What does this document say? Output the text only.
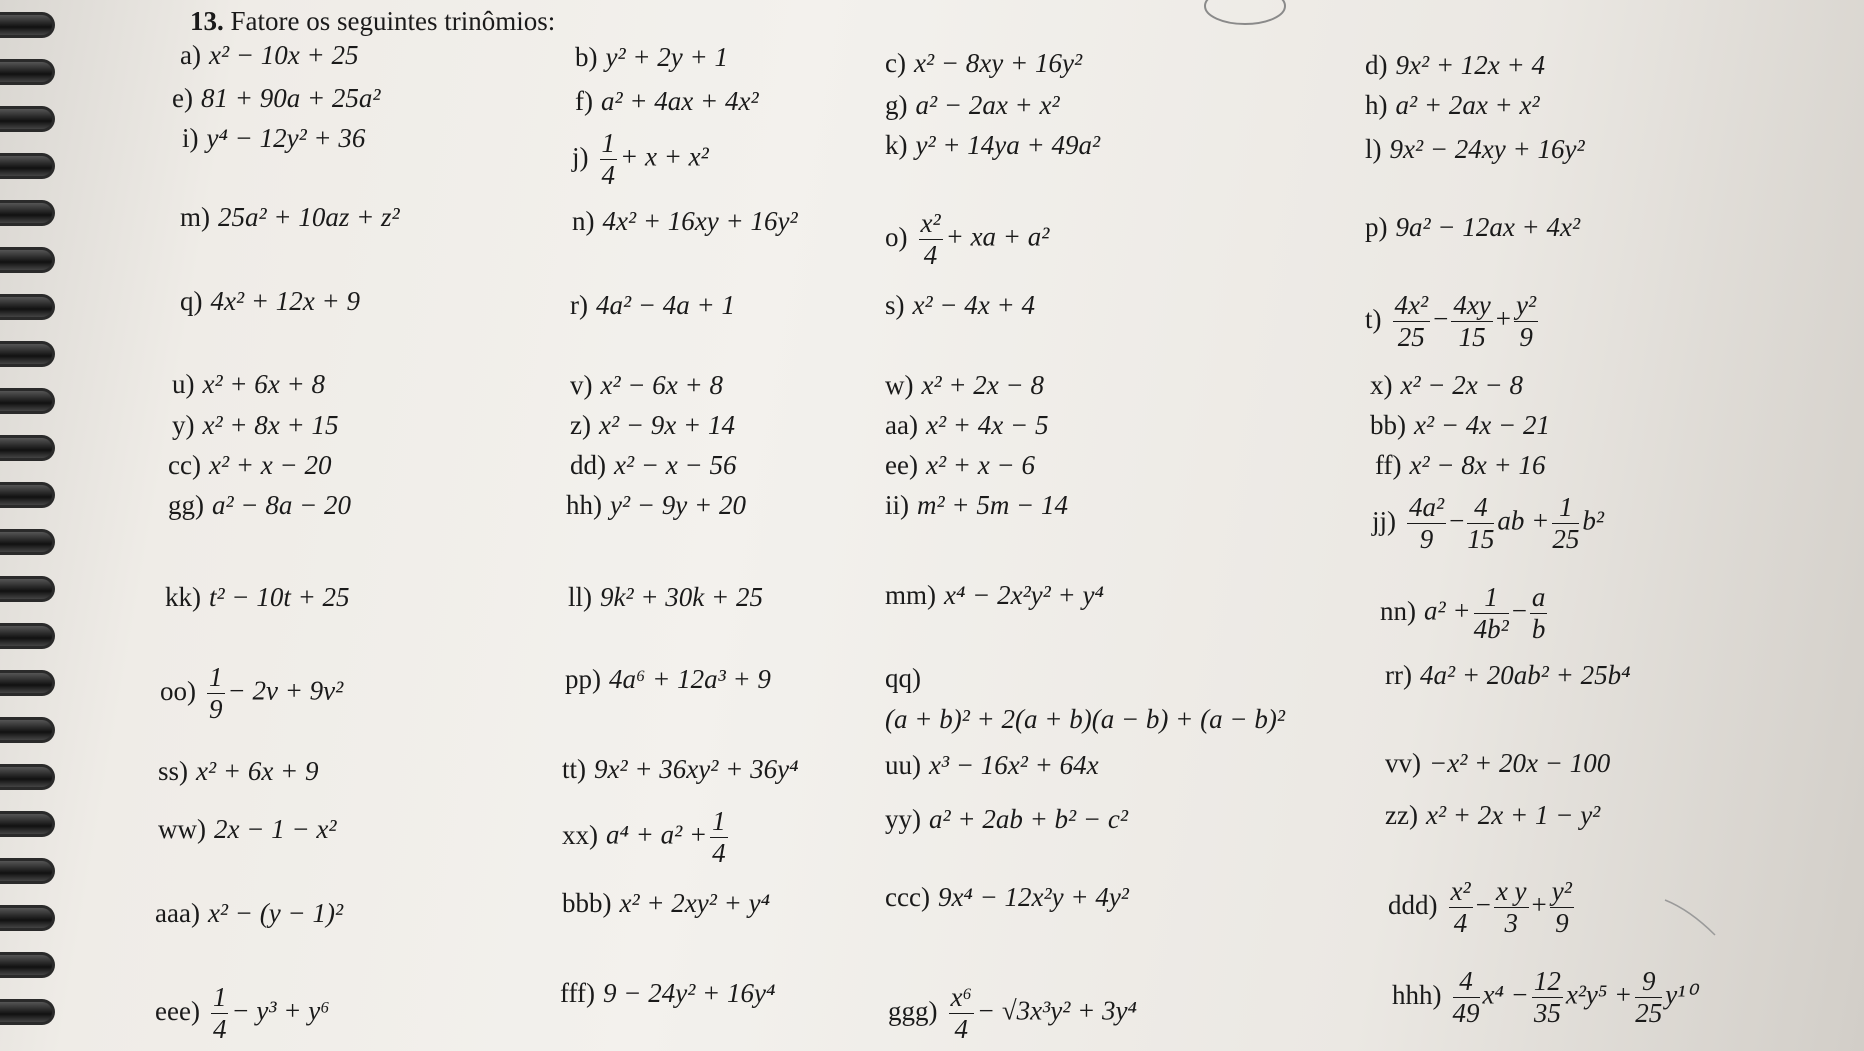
13. Fatore os seguintes trinômios:
a) x² − 10x + 25	b) y² + 2y + 1	c) x² − 8xy + 16y²	d) 9x² + 12x + 4
e) 81 + 90a + 25a²	f) a² + 4ax + 4x²	g) a² − 2ax + x²	h) a² + 2ax + x²
i) y⁴ − 12y² + 36
$j) \frac{1}{4} + x + x^2$	k) y² + 14ya + 49a²	l) 9x² − 24xy + 16y²
m) 25a² + 10az + z²	n) 4x² + 16xy + 16y²
$o) \frac{\text{x²}}{4}$ + xa + a²	p) 9a² − 12ax + 4x²
q) 4x² + 12x + 9	r) 4a² − 4a + 1	s) x² − 4x + 4	$t) \frac{\text{4x²}}{25} - \frac{4xy}{15} + \frac{\text{y²}}{9}$
u) x² + 6x + 8	v) x² − 6x + 8	w) x² + 2x − 8	x) x² − 2x − 8
y) x² + 8x + 15	z) x² − 9x + 14	aa) x² + 4x − 5	bb) x² − 4x − 21
cc) x² + x − 20	dd) x² − x − 56	ee) x² + x − 6	ff) x² − 8x + 16
gg) a² − 8a − 20	hh) y² − 9y + 20	ii) m² + 5m − 14
$jj) \frac{\text{4a²}}{9} - \frac{4}{15}$ ab + $\frac{1}{25} b^2$
kk) t² − 10t + 25	ll) 9k² + 30k + 25	mm) x⁴ − 2x²y² + y⁴
nn) $a^2 + \frac{1}{\text{4b²}} - \frac{a}{b}$
$oo) \frac{1}{9} - 2v + 9v^2$	pp) 4a⁶ + 12a³ + 9	qq)
(a + b)² + 2(a + b)(a − b) + (a − b)²
rr) 4a² + 20ab² + 25b⁴
ss) x² + 6x + 9	tt) 9x² + 36xy² + 36y⁴	uu) x³ − 16x² + 64x	vv) −x² + 20x − 100
ww) 2x − 1 − x²	xx) $a^4 + a^2 + \frac{1}{4}$	yy) a² + 2ab + b² − c²	zz) x² + 2x + 1 − y²
aaa) x² − (y − 1)²	bbb) x² + 2xy² + y⁴	ccc) 9x⁴ − 12x²y + 4y²	$ddd) \frac{\text{x²}}{4} - \frac{\text{x y}}{3} + \frac{\text{y²}}{9}$
$eee) \frac{1}{4} - y^3 + y^6$
fff) 9 − 24y² + 16y⁴
$ggg) \frac{\text{x⁶}}{4} - √3x^3y^2 + 3y^4$
$hhh) \frac{4}{49} x^4 - \frac{12}{35} x^2y^5 + \frac{9}{25} y^{10}$
